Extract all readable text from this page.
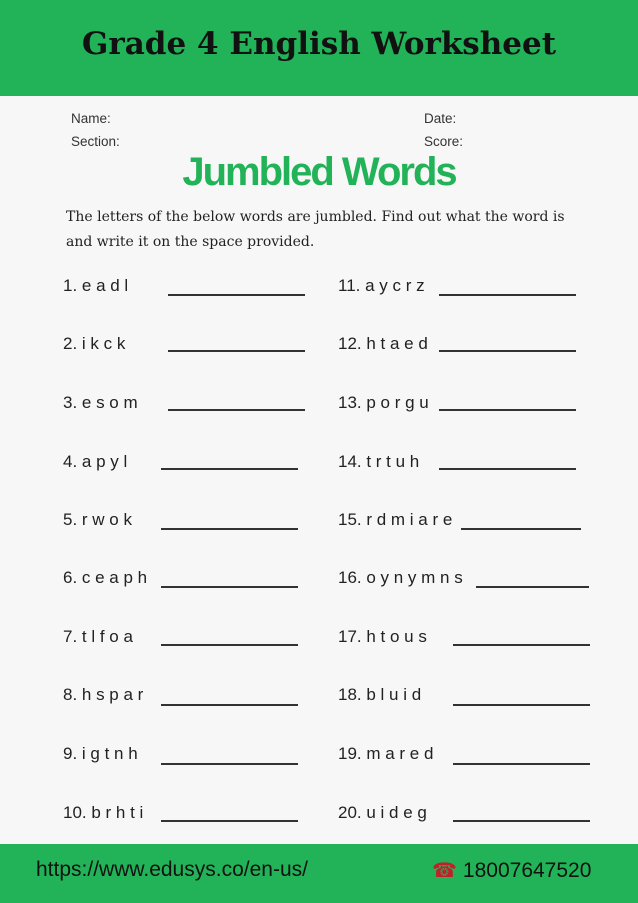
Grade 4 English Worksheet
Name:	Date:
Section:	Score:
Jumbled Words
The letters of the below words are jumbled. Find out what the word is and write it on the space provided.
1. e a d l
2. i k c k
3. e s o m
4. a p y l
5. r w o k
6. c e a p h
7. t l f o a
8. h s p a r
9. i g t n h
10. b r h t i
11. a y c r z
12. h t a e d
13. p o r g u
14. t r t u h
15. r d m i a r e
16. o y n y m n s
17. h t o u s
18. b l u i d
19. m a r e d
20. u i d e g
https://www.edusys.co/en-us/	☎ 18007647520
